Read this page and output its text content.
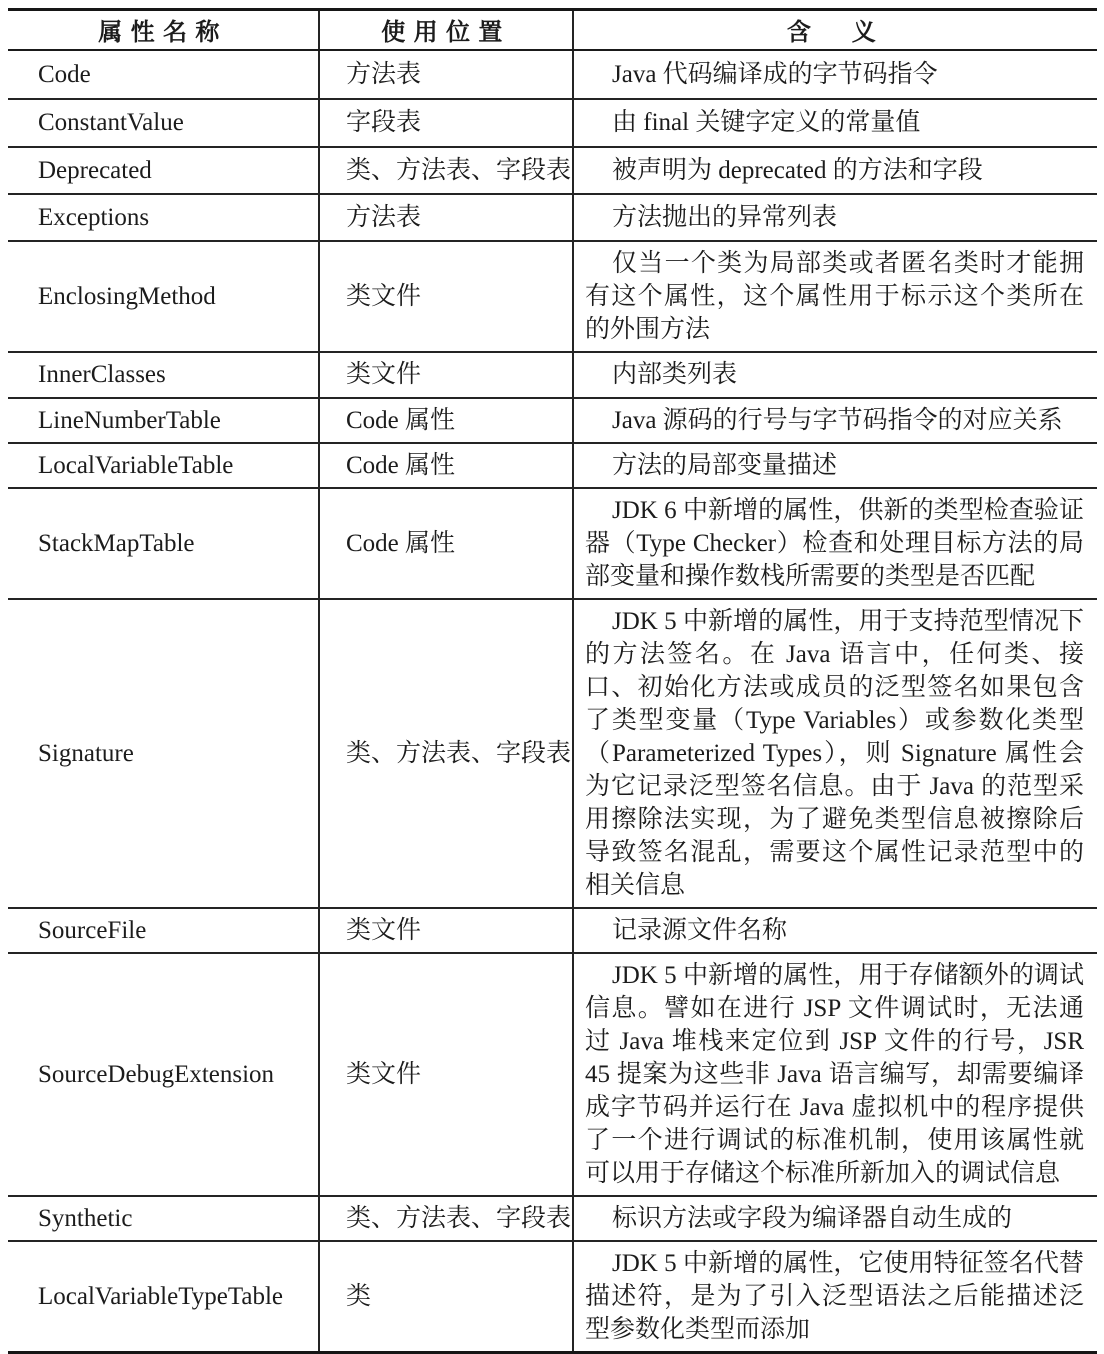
属性名称	使用位置	含　义
Code	方法表	Java 代码编译成的字节码指令

ConstantValue	字段表	由 final 关键字定义的常量值

Deprecated	类、方法表、字段表	被声明为 deprecated 的方法和字段

Exceptions	方法表	方法抛出的异常列表

EnclosingMethod	类文件	仅当一个类为局部类或者匿名类时才能拥有这个属性，这个属性用于标示这个类所在的外围方法

InnerClasses	类文件	内部类列表

LineNumberTable	Code 属性	Java 源码的行号与字节码指令的对应关系

LocalVariableTable	Code 属性	方法的局部变量描述

StackMapTable	Code 属性	JDK 6 中新增的属性，供新的类型检查验证器（Type Checker）检查和处理目标方法的局部变量和操作数栈所需要的类型是否匹配

Signature	类、方法表、字段表	JDK 5 中新增的属性，用于支持范型情况下的方法签名。在 Java 语言中，任何类、接口、初始化方法或成员的泛型签名如果包含了类型变量（Type Variables）或参数化类型（Parameterized Types），则 Signature 属性会为它记录泛型签名信息。由于 Java 的范型采用擦除法实现，为了避免类型信息被擦除后导致签名混乱，需要这个属性记录范型中的相关信息

SourceFile	类文件	记录源文件名称

SourceDebugExtension	类文件	JDK 5 中新增的属性，用于存储额外的调试信息。譬如在进行 JSP 文件调试时，无法通过 Java 堆栈来定位到 JSP 文件的行号，JSR 45 提案为这些非 Java 语言编写，却需要编译成字节码并运行在 Java 虚拟机中的程序提供了一个进行调试的标准机制，使用该属性就可以用于存储这个标准所新加入的调试信息

Synthetic	类、方法表、字段表	标识方法或字段为编译器自动生成的

LocalVariableTypeTable	类	JDK 5 中新增的属性，它使用特征签名代替描述符，是为了引入泛型语法之后能描述泛型参数化类型而添加
